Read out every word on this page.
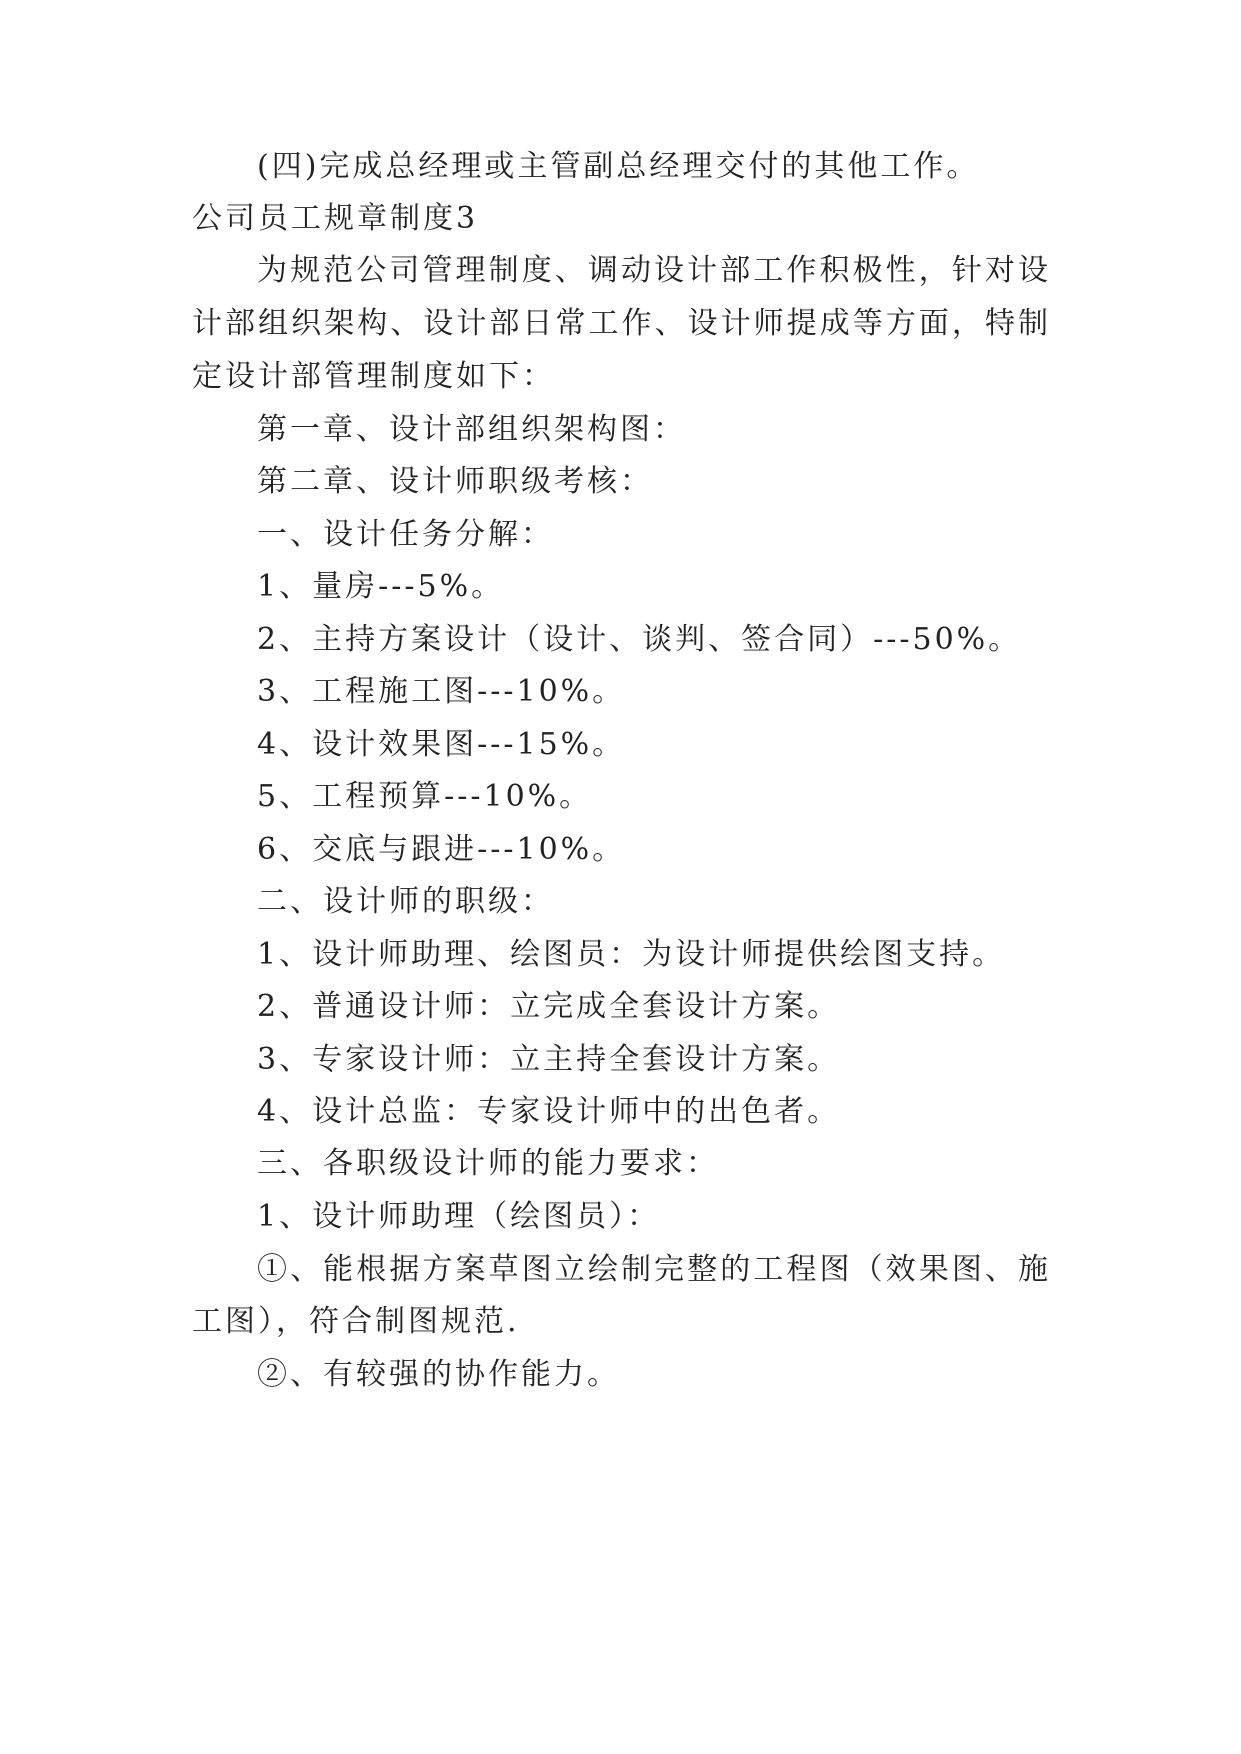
(四)完成总经理或主管副总经理交付的其他工作。
公司员工规章制度3
为规范公司管理制度、调动设计部工作积极性，针对设
计部组织架构、设计部日常工作、设计师提成等方面，特制
定设计部管理制度如下：
第一章、设计部组织架构图：
第二章、设计师职级考核：
一、设计任务分解：
1、量房---5%。
2、主持方案设计（设计、谈判、签合同）---50%。
3、工程施工图---10%。
4、设计效果图---15%。
5、工程预算---10%。
6、交底与跟进---10%。
二、设计师的职级：
1、设计师助理、绘图员：为设计师提供绘图支持。
2、普通设计师：立完成全套设计方案。
3、专家设计师：立主持全套设计方案。
4、设计总监：专家设计师中的出色者。
三、各职级设计师的能力要求：
1、设计师助理（绘图员）：
①、能根据方案草图立绘制完整的工程图（效果图、施
工图），符合制图规范.
②、有较强的协作能力。
